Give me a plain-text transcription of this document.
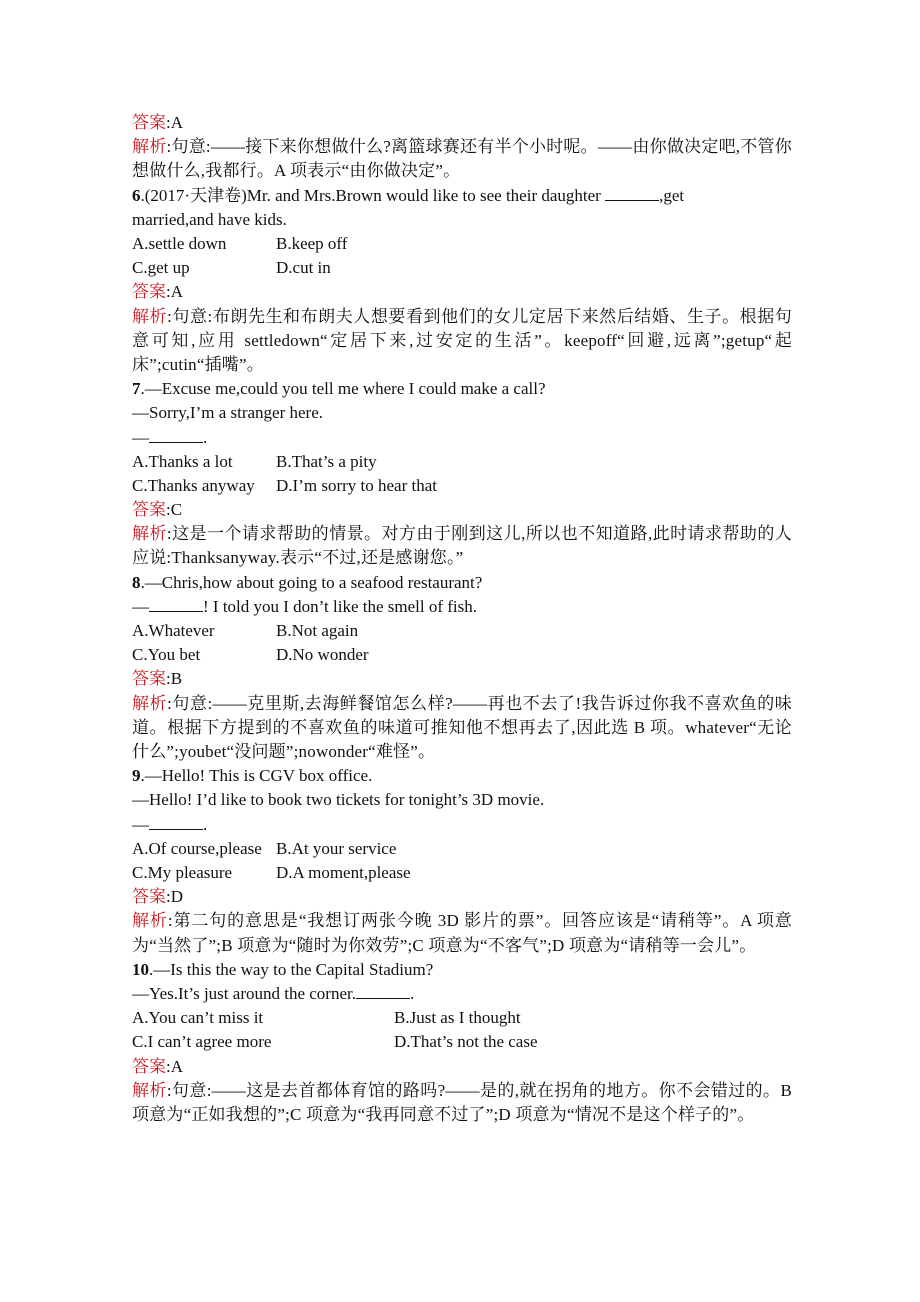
答案:A
解析:句意:——接下来你想做什么?离篮球赛还有半个小时呢。——由你做决定吧,不管你想做什么,我都行。A 项表示“由你做决定”。
6.(2017·天津卷)Mr. and Mrs.Brown would like to see their daughter	,get
married,and have kids.
A.settle down	B.keep off
C.get up	D.cut in
答案:A
解析:句意:布朗先生和布朗夫人想要看到他们的女儿定居下来然后结婚、生子。根据句意可知,应用 settledown“定居下来,过安定的生活”。keepoff“回避,远离”;getup“起床”;cutin“插嘴”。
7.—Excuse me,could you tell me where I could make a call?
—Sorry,I’m a stranger here.
—	.
A.Thanks a lot	B.That’s a pity
C.Thanks anyway D.I’m sorry to hear that
答案:C
解析:这是一个请求帮助的情景。对方由于刚到这儿,所以也不知道路,此时请求帮助的人应说:Thanksanyway.表示“不过,还是感谢您。”
8.—Chris,how about going to a seafood restaurant?
—	! I told you I don’t like the smell of fish.
A.Whatever	B.Not again
C.You bet	D.No wonder
答案:B
解析:句意:——克里斯,去海鲜餐馆怎么样?——再也不去了!我告诉过你我不喜欢鱼的味道。根据下方提到的不喜欢鱼的味道可推知他不想再去了,因此选 B 项。whatever“无论什么”;youbet“没问题”;nowonder“难怪”。
9.—Hello! This is CGV box office.
—Hello! I’d like to book two tickets for tonight’s 3D movie.
—	.
A.Of course,please B.At your service
C.My pleasure	D.A moment,please
答案:D
解析:第二句的意思是“我想订两张今晚 3D 影片的票”。回答应该是“请稍等”。A 项意为“当然了”;B 项意为“随时为你效劳”;C 项意为“不客气”;D 项意为“请稍等一会儿”。
10.—Is this the way to the Capital Stadium?
—Yes.It’s just around the corner.	.
A.You can’t miss it	B.Just as I thought
C.I can’t agree more	D.That’s not the case
答案:A
解析:句意:——这是去首都体育馆的路吗?——是的,就在拐角的地方。你不会错过的。B 项意为“正如我想的”;C 项意为“我再同意不过了”;D 项意为“情况不是这个样子的”。
